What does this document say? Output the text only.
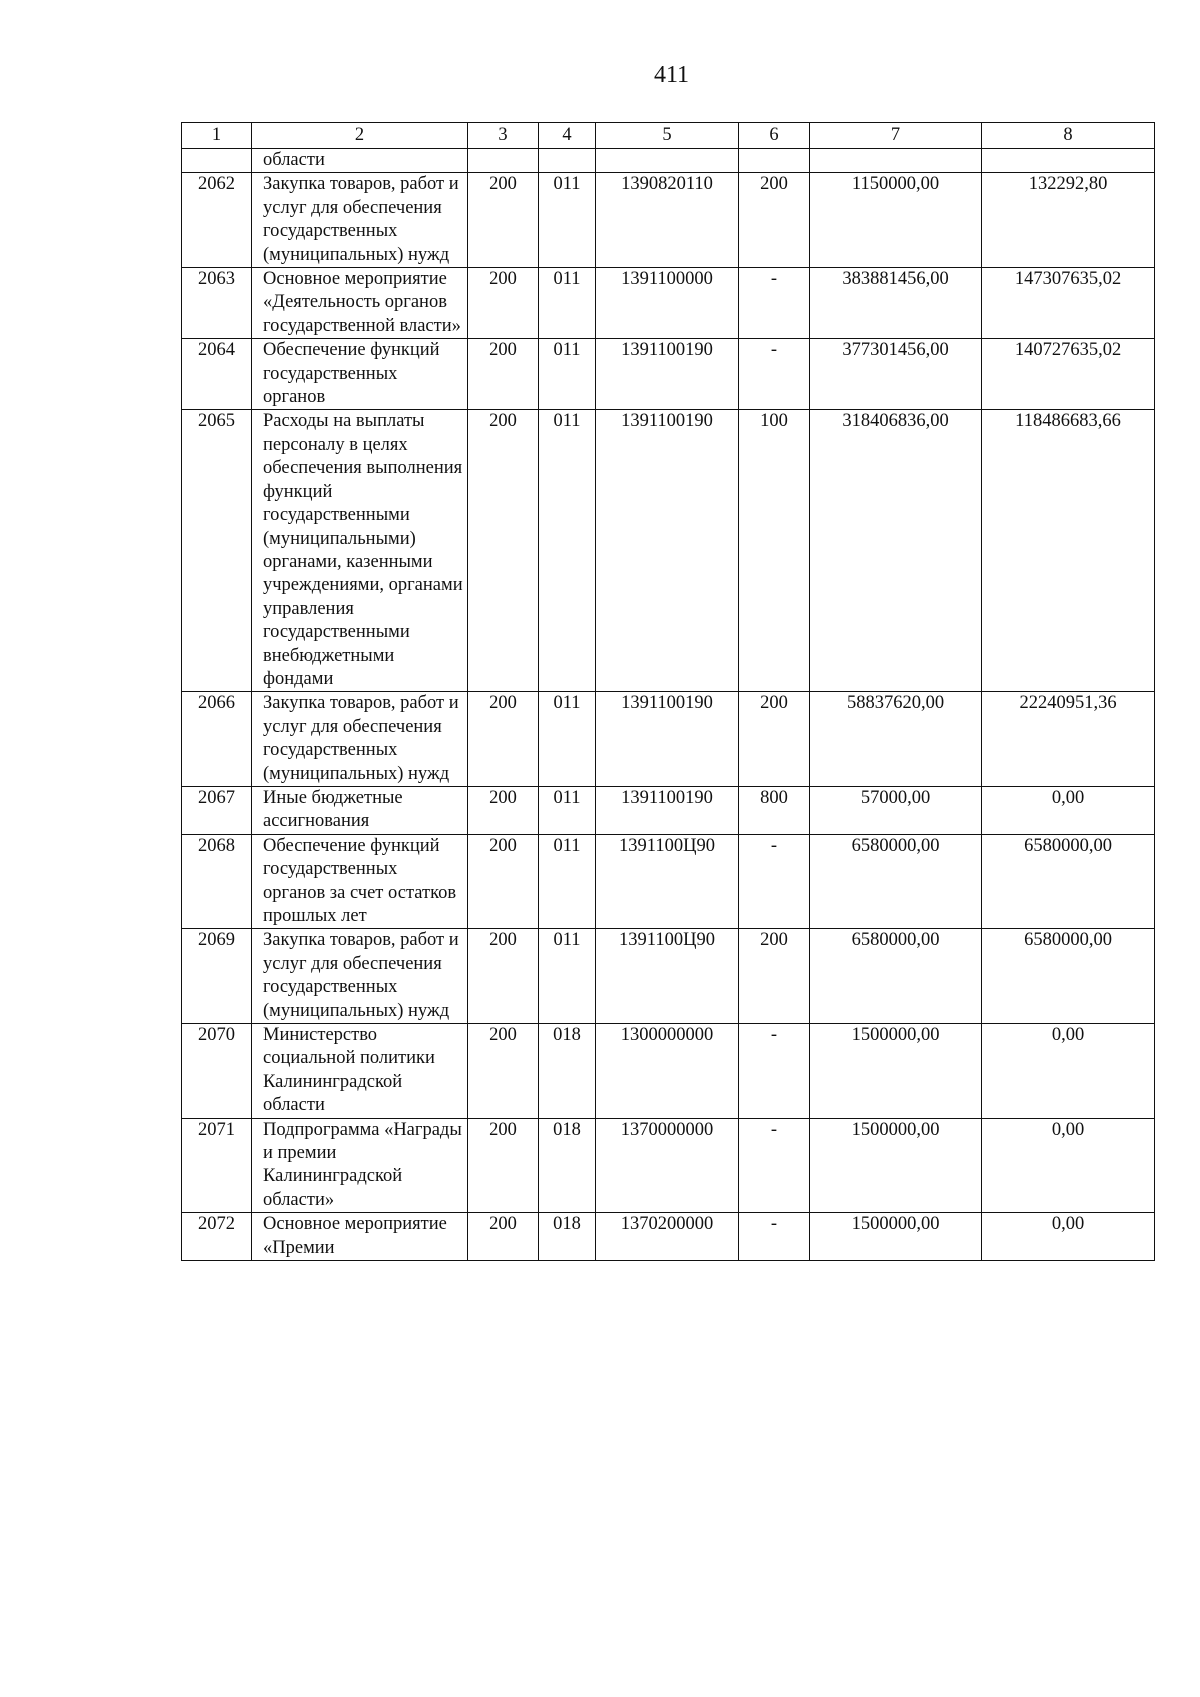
411
1	2	3	4	5	6	7	8
	области						
2062	Закупка товаров, работ и услуг для обеспечения государственных (муниципальных) нужд	200	011	1390820110	200	1150000,00	132292,80
2063	Основное мероприятие «Деятельность органов государственной власти»	200	011	1391100000	-	383881456,00	147307635,02
2064	Обеспечение функций государственных органов	200	011	1391100190	-	377301456,00	140727635,02
2065	Расходы на выплаты персоналу в целях обеспечения выполнения функций государственными (муниципальными) органами, казенными учреждениями, органами управления государственными внебюджетными фондами	200	011	1391100190	100	318406836,00	118486683,66
2066	Закупка товаров, работ и услуг для обеспечения государственных (муниципальных) нужд	200	011	1391100190	200	58837620,00	22240951,36
2067	Иные бюджетные ассигнования	200	011	1391100190	800	57000,00	0,00
2068	Обеспечение функций государственных органов за счет остатков прошлых лет	200	011	1391100Ц90	-	6580000,00	6580000,00
2069	Закупка товаров, работ и услуг для обеспечения государственных (муниципальных) нужд	200	011	1391100Ц90	200	6580000,00	6580000,00
2070	Министерство социальной политики Калининградской области	200	018	1300000000	-	1500000,00	0,00
2071	Подпрограмма «Награды и премии Калининградской области»	200	018	1370000000	-	1500000,00	0,00
2072	Основное мероприятие «Премии	200	018	1370200000	-	1500000,00	0,00
